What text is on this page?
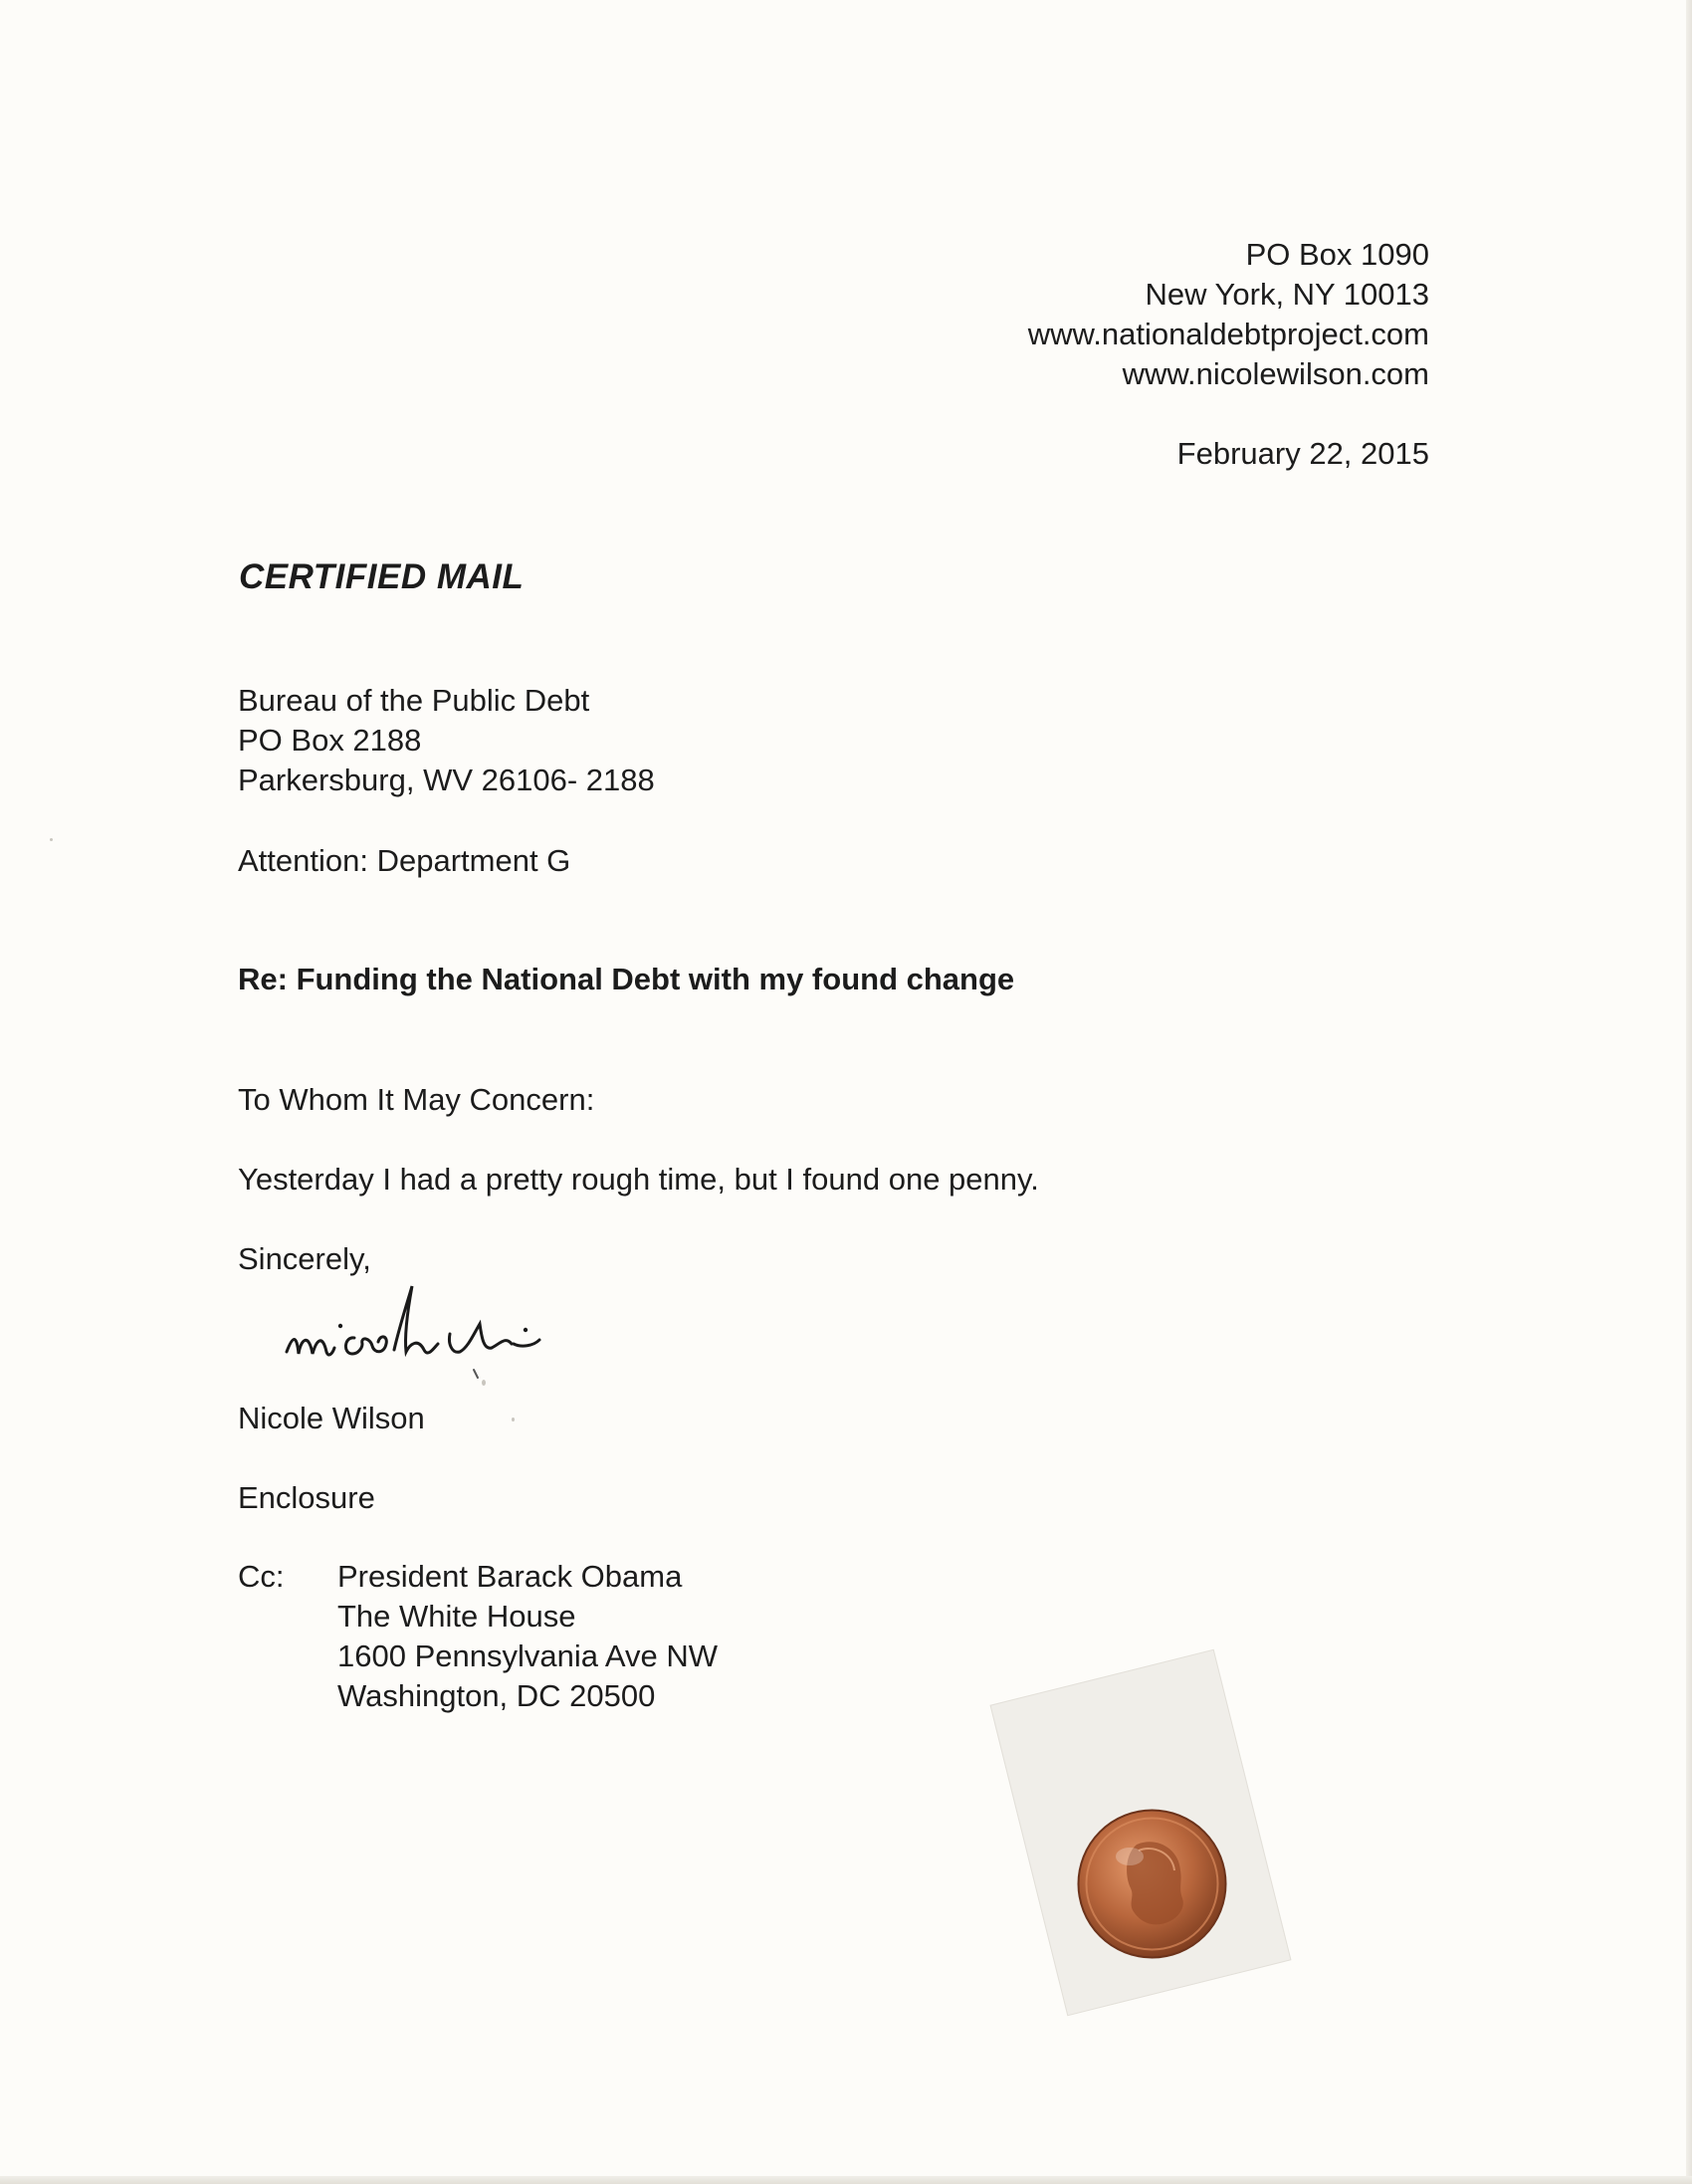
PO Box 1090
New York, NY 10013
www.nationaldebtproject.com
www.nicolewilson.com
February 22, 2015
CERTIFIED MAIL
Bureau of the Public Debt
PO Box 2188
Parkersburg, WV 26106- 2188
Attention: Department G
Re: Funding the National Debt with my found change
To Whom It May Concern:
Yesterday I had a pretty rough time, but I found one penny.
Sincerely,
Nicole Wilson
Enclosure
Cc: President Barack Obama
The White House
1600 Pennsylvania Ave NW
Washington, DC 20500
